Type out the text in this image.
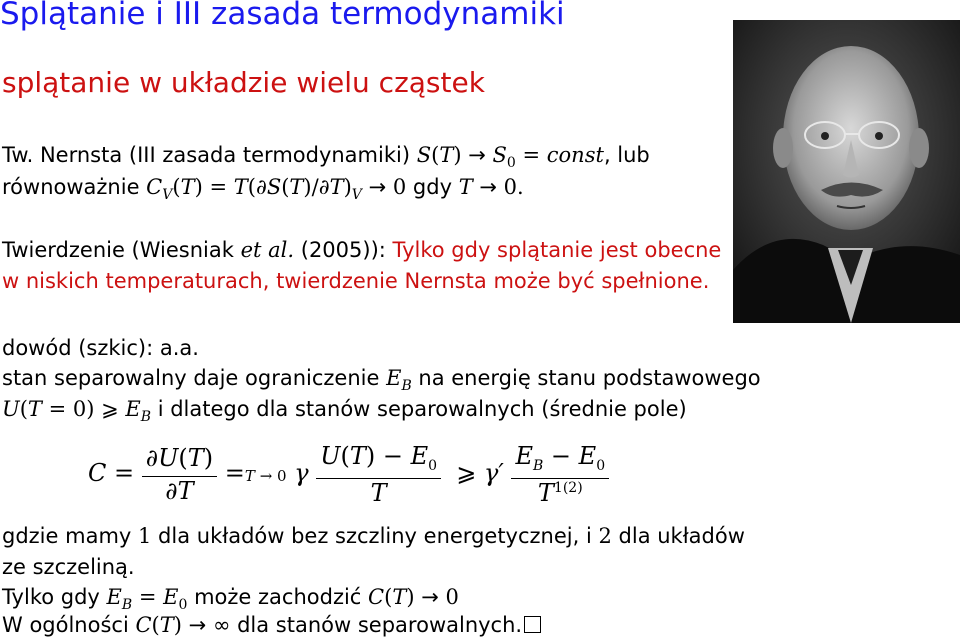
Splątanie i III zasada termodynamiki
splątanie w układzie wielu cząstek
Tw. Nernsta (III zasada termodynamiki) $S(T) \to S_0$ = const, lub
równoważnie $C_V(T) = T(\partial S(T)/\partial T)_V \to 0$ gdy T → 0.
Twierdzenie (Wiesniak et al. (2005)): Tylko gdy splątanie jest obecne
w niskich temperaturach, twierdzenie Nernsta może być spełnione.
dowód (szkic): a.a.
stan separowalny daje ograniczenie $E_B$ na energię stanu podstawowego
U(T = 0) ⩾ $E_B$ i dlatego dla stanów separowalnych (średnie pole)
$C = \frac{\partial U(T)}{\partial T} =T \to 0$ γ $\frac{U(T) - E_0}{T}$ ⩾ $\gamma' \frac{E_B - E_0}{T^{1(2)}}$
gdzie mamy 1 dla układów bez szczliny energetycznej, i 2 dla układów
ze szczeliną.
Tylko gdy $E_B = E_0$ może zachodzić C(T) → 0
W ogólności C(T) → ∞ dla stanów separowalnych.
